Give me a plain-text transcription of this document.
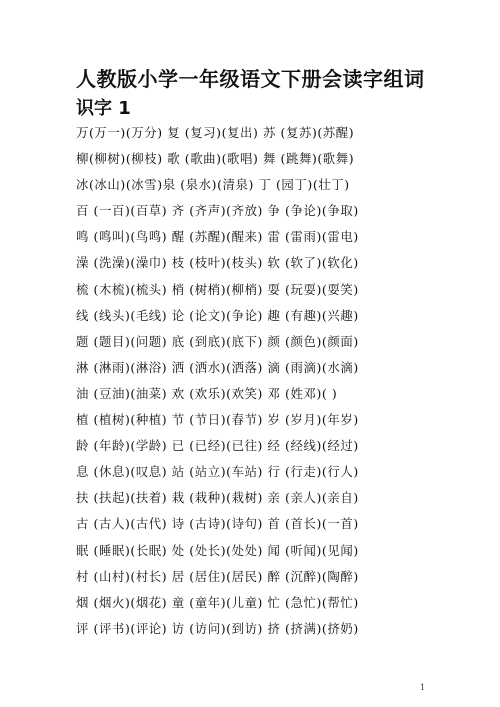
人教版小学一年级语文下册会读字组词
识字 1
万(万一)(万分) 复 (复习)(复出) 苏 (复苏)(苏醒)
柳(柳树)(柳枝) 歌 (歌曲)(歌唱) 舞 (跳舞)(歌舞)
冰(冰山)(冰雪)泉 (泉水)(清泉) 丁 (园丁)(壮丁)
百 (一百)(百草) 齐 (齐声)(齐放) 争 (争论)(争取)
鸣 (鸣叫)(鸟鸣) 醒 (苏醒)(醒来) 雷 (雷雨)(雷电)
澡 (洗澡)(澡巾) 枝 (枝叶)(枝头) 软 (软了)(软化)
梳 (木梳)(梳头) 梢 (树梢)(柳梢) 耍 (玩耍)(耍笑)
线 (线头)(毛线) 论 (论文)(争论) 趣 (有趣)(兴趣)
题 (题目)(问题) 底 (到底)(底下) 颜 (颜色)(颜面)
淋 (淋雨)(淋浴) 洒 (洒水)(洒落) 滴 (雨滴)(水滴)
油 (豆油)(油菜) 欢 (欢乐)(欢笑) 邓 (姓邓)( )
植 (植树)(种植) 节 (节日)(春节) 岁 (岁月)(年岁)
龄 (年龄)(学龄) 已 (已经)(已往) 经 (经线)(经过)
息 (休息)(叹息) 站 (站立)(车站) 行 (行走)(行人)
扶 (扶起)(扶着) 栽 (栽种)(栽树) 亲 (亲人)(亲自)
古 (古人)(古代) 诗 (古诗)(诗句) 首 (首长)(一首)
眠 (睡眠)(长眠) 处 (处长)(处处) 闻 (听闻)(见闻)
村 (山村)(村长) 居 (居住)(居民) 醉 (沉醉)(陶醉)
烟 (烟火)(烟花) 童 (童年)(儿童) 忙 (急忙)(帮忙)
评 (评书)(评论) 访 (访问)(到访) 挤 (挤满)(挤奶)
1
